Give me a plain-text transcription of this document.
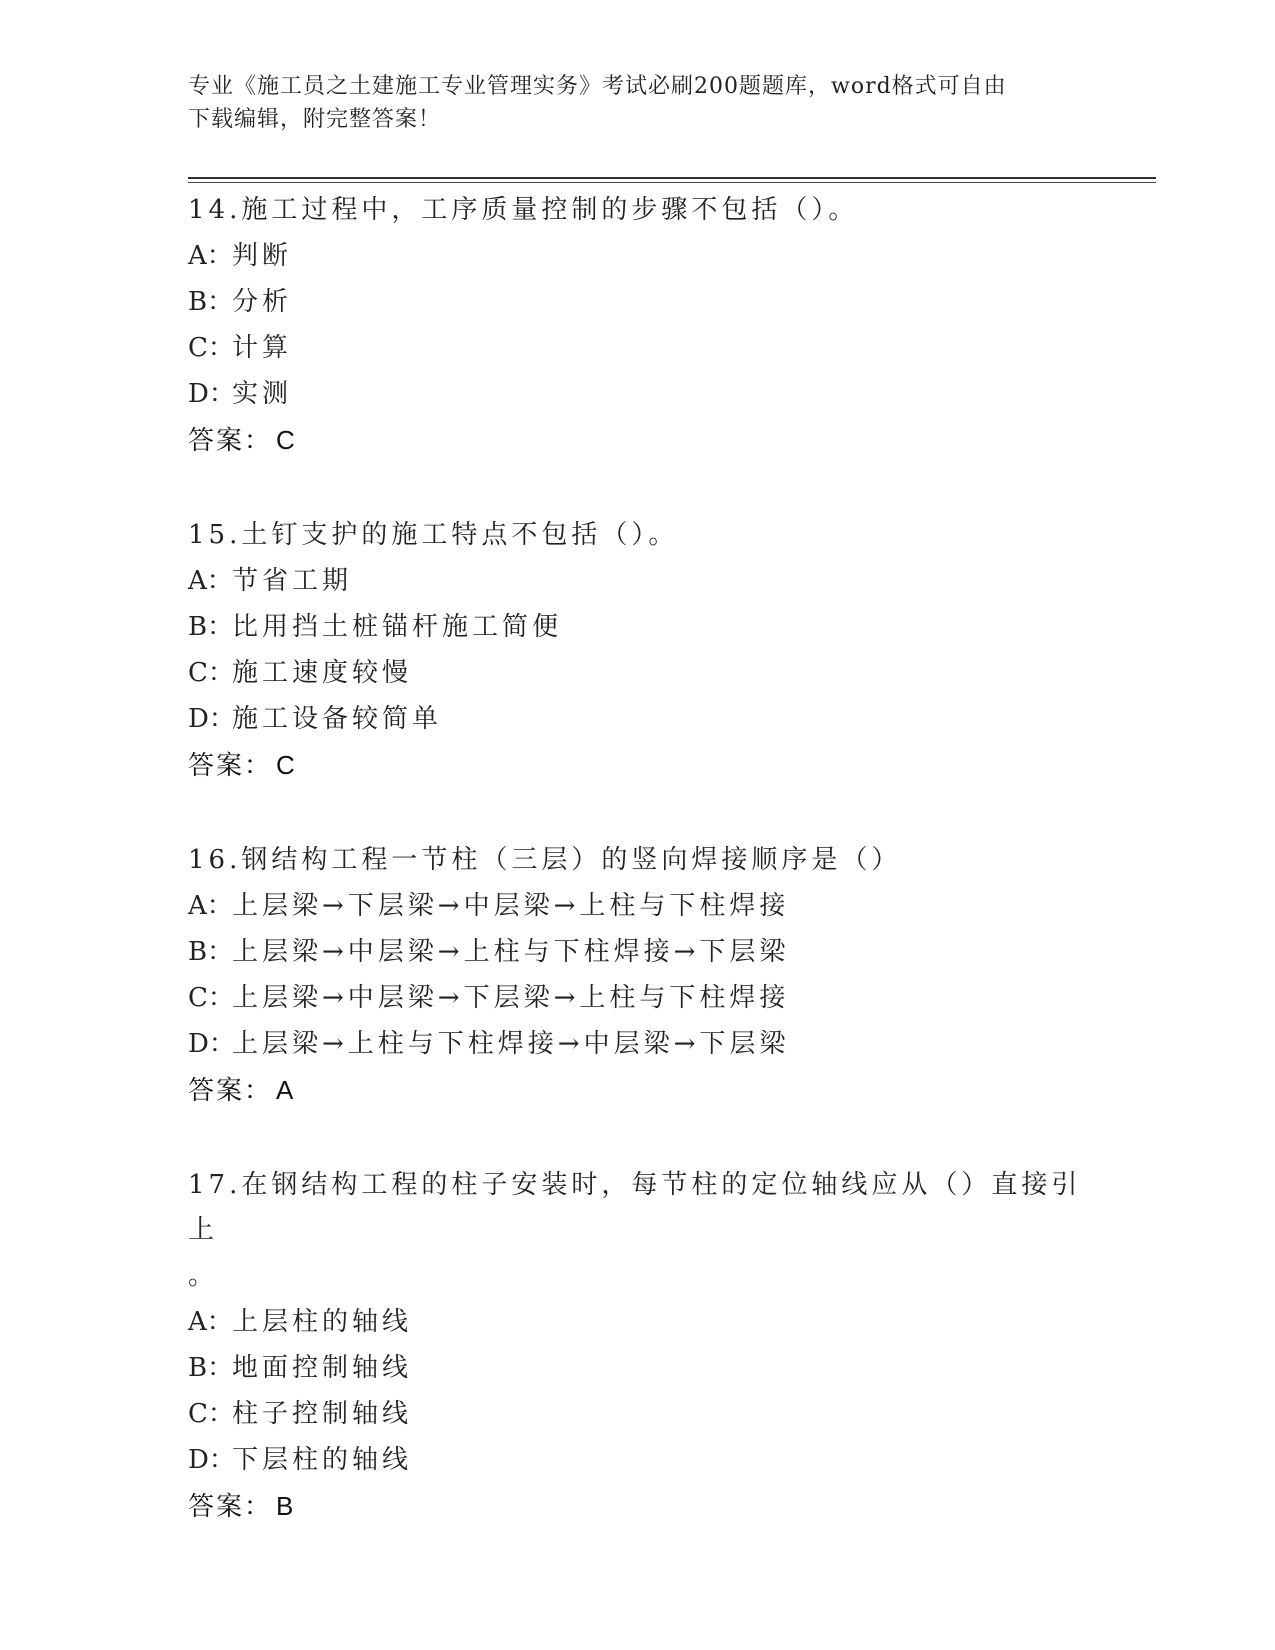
专业《施工员之土建施工专业管理实务》考试必刷200题题库，word格式可自由
下载编辑，附完整答案！

14.施工过程中，工序质量控制的步骤不包括（）。

A：判断

B：分析

C：计算

D：实测

答案： C

15.土钉支护的施工特点不包括（）。

A：节省工期

B：比用挡土桩锚杆施工简便

C：施工速度较慢

D：施工设备较简单

答案： C

16.钢结构工程一节柱（三层）的竖向焊接顺序是（）

A：上层梁→下层梁→中层梁→上柱与下柱焊接

B：上层梁→中层梁→上柱与下柱焊接→下层梁

C：上层梁→中层梁→下层梁→上柱与下柱焊接

D：上层梁→上柱与下柱焊接→中层梁→下层梁

答案： A

17.在钢结构工程的柱子安装时，每节柱的定位轴线应从（）直接引上

。

A：上层柱的轴线

B：地面控制轴线

C：柱子控制轴线

D：下层柱的轴线

答案： B
